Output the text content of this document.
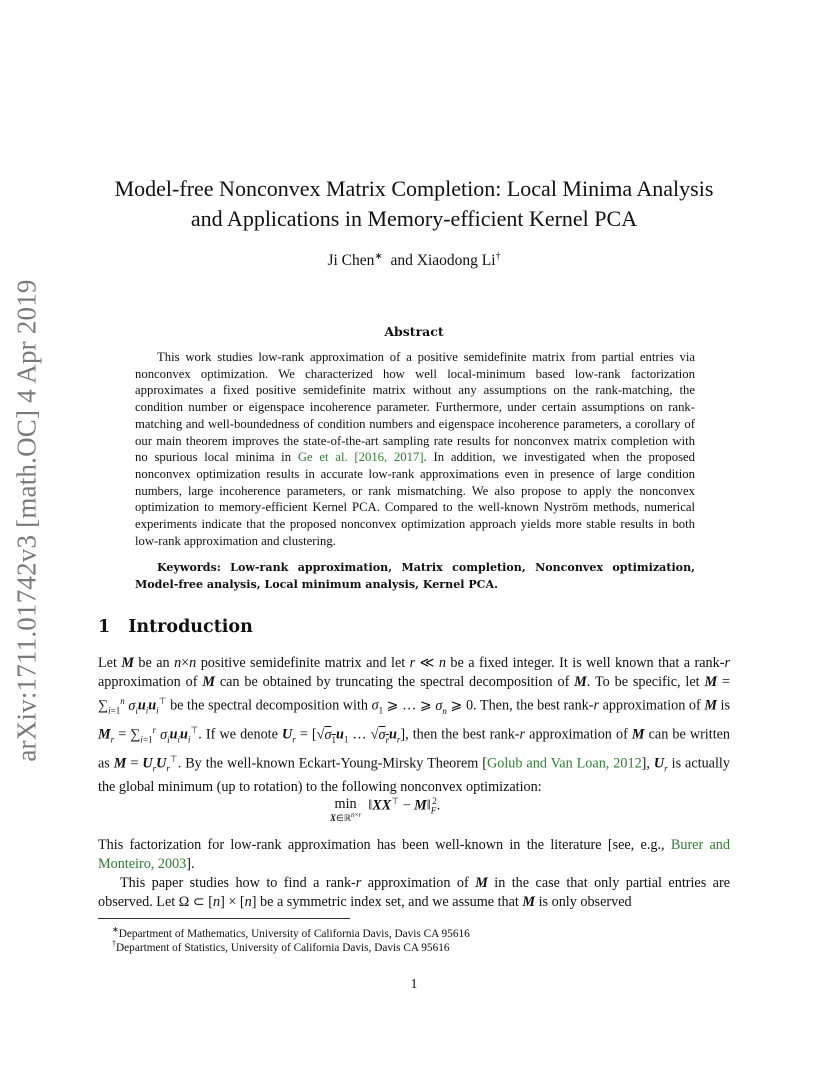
arXiv:1711.01742v3 [math.OC] 4 Apr 2019
Model-free Nonconvex Matrix Completion: Local Minima Analysis
and Applications in Memory-efficient Kernel PCA
Ji Chen∗ and Xiaodong Li†
Abstract
This work studies low-rank approximation of a positive semidefinite matrix from partial entries via nonconvex optimization. We characterized how well local-minimum based low-rank factorization approximates a fixed positive semidefinite matrix without any assumptions on the rank-matching, the condition number or eigenspace incoherence parameter. Furthermore, under certain assumptions on rank-matching and well-boundedness of condition numbers and eigenspace incoherence parameters, a corollary of our main theorem improves the state-of-the-art sampling rate results for nonconvex matrix completion with no spurious local minima in Ge et al. [2016, 2017]. In addition, we investigated when the proposed nonconvex optimization results in accurate low-rank approximations even in presence of large condition numbers, large incoherence parameters, or rank mismatching. We also propose to apply the nonconvex optimization to memory-efficient Kernel PCA. Compared to the well-known Nyström methods, numerical experiments indicate that the proposed nonconvex optimization approach yields more stable results in both low-rank approximation and clustering.
Keywords: Low-rank approximation, Matrix completion, Nonconvex optimization, Model-free analysis, Local minimum analysis, Kernel PCA.
1 Introduction
Let M be an n×n positive semidefinite matrix and let r ≪ n be a fixed integer. It is well known that a rank-r approximation of M can be obtained by truncating the spectral decomposition of M. To be specific, let $M = \sum_{i=1}^n$ $\sigma_iu_iu_i^⊤$ be the spectral decomposition with $\sigma_1$ ⩾ … ⩾ $\sigma_n$ ⩾ 0. Then, the best rank-r approximation of M is $M_r = \sum_{i=1}^r$ $\sigma_iu_iu_i^⊤$. If we denote $U_r = [√\sigma_1u_1$ … $√\sigma_ru_r$], then the best rank-r approximation of M can be written as $M = U_rU_r^⊤$. By the well-known Eckart-Young-Mirsky Theorem [Golub and Van Loan, 2012], $U_r$ is actually the global minimum (up to rotation) to the following nonconvex optimization:
min
X∈ℝ$^{n\times r}$
‖XX⊤ − $M‖_F^2$.
This factorization for low-rank approximation has been well-known in the literature [see, e.g., Burer and Monteiro, 2003].
This paper studies how to find a rank-r approximation of M in the case that only partial entries are observed. Let Ω ⊂ [n] × [n] be a symmetric index set, and we assume that M is only observed
∗Department of Mathematics, University of California Davis, Davis CA 95616
†Department of Statistics, University of California Davis, Davis CA 95616
1
